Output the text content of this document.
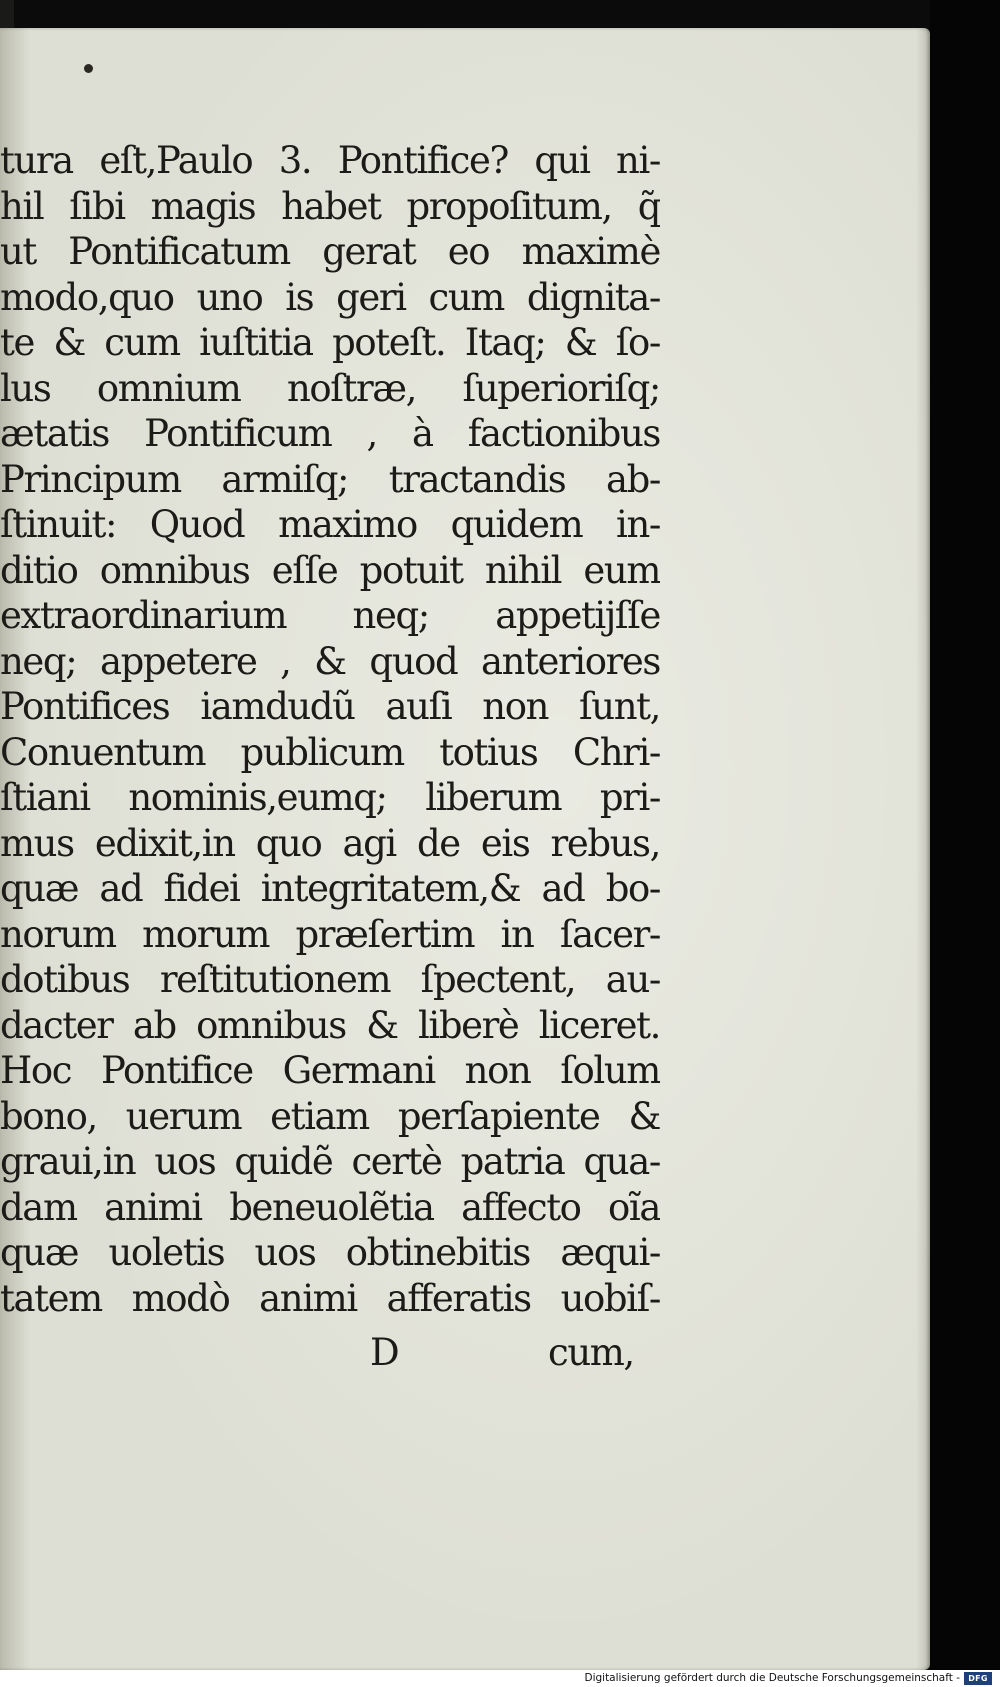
tura eſt,Paulo 3. Pontifice? qui ni-
hil ſibi magis habet propoſitum, q̃
ut Pontificatum gerat eo maximè
modo,quo uno is geri cum dignita-
te & cum iuſtitia poteſt. Itaq; & ſo-
lus omnium noſtræ, ſuperioriſq;
ætatis Pontificum , à factionibus
Principum armiſq; tractandis ab-
ſtinuit: Quod maximo quidem in-
ditio omnibus eſſe potuit nihil eum
extraordinarium neq; appetijſſe
neq; appetere , & quod anteriores
Pontifices iamdudũ auſi non ſunt,
Conuentum publicum totius Chri-
ſtiani nominis,eumq; liberum pri-
mus edixit,in quo agi de eis rebus,
quæ ad fidei integritatem,& ad bo-
norum morum præſertim in ſacer-
dotibus reſtitutionem ſpectent, au-
dacter ab omnibus & liberè liceret.
Hoc Pontifice Germani non ſolum
bono, uerum etiam perſapiente &
graui,in uos quidẽ certè patria qua-
dam animi beneuolẽtia affecto oĩa
quæ uoletis uos obtinebitis æqui-
tatem modò animi afferatis uobiſ-
D	cum,
Digitalisierung gefördert durch die Deutsche Forschungsgemeinschaft -	DFG
